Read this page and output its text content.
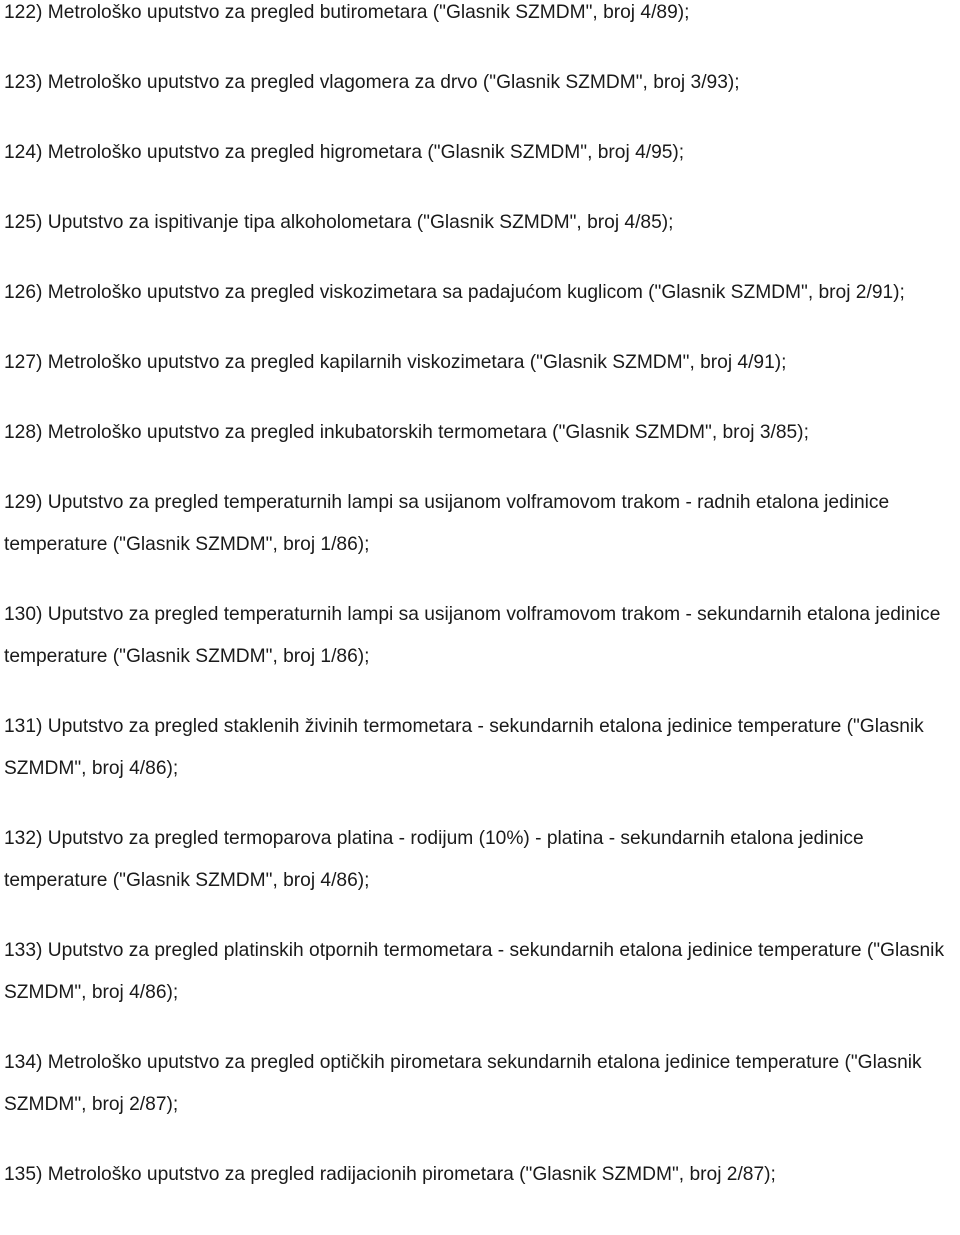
122) Metrološko uputstvo za pregled butirometara ("Glasnik SZMDM", broj 4/89);

123) Metrološko uputstvo za pregled vlagomera za drvo ("Glasnik SZMDM", broj 3/93);

124) Metrološko uputstvo za pregled higrometara ("Glasnik SZMDM", broj 4/95);

125) Uputstvo za ispitivanje tipa alkoholometara ("Glasnik SZMDM", broj 4/85);

126) Metrološko uputstvo za pregled viskozimetara sa padajućom kuglicom ("Glasnik SZMDM", broj 2/91);

127) Metrološko uputstvo za pregled kapilarnih viskozimetara ("Glasnik SZMDM", broj 4/91);

128) Metrološko uputstvo za pregled inkubatorskih termometara ("Glasnik SZMDM", broj 3/85);

129) Uputstvo za pregled temperaturnih lampi sa usijanom volframovom trakom - radnih etalona jedinice temperature ("Glasnik SZMDM", broj 1/86);

130) Uputstvo za pregled temperaturnih lampi sa usijanom volframovom trakom - sekundarnih etalona jedinice temperature ("Glasnik SZMDM", broj 1/86);

131) Uputstvo za pregled staklenih živinih termometara - sekundarnih etalona jedinice temperature ("Glasnik SZMDM", broj 4/86);

132) Uputstvo za pregled termoparova platina - rodijum (10%) - platina - sekundarnih etalona jedinice temperature ("Glasnik SZMDM", broj 4/86);

133) Uputstvo za pregled platinskih otpornih termometara - sekundarnih etalona jedinice temperature ("Glasnik SZMDM", broj 4/86);

134) Metrološko uputstvo za pregled optičkih pirometara sekundarnih etalona jedinice temperature ("Glasnik SZMDM", broj 2/87);

135) Metrološko uputstvo za pregled radijacionih pirometara ("Glasnik SZMDM", broj 2/87);
